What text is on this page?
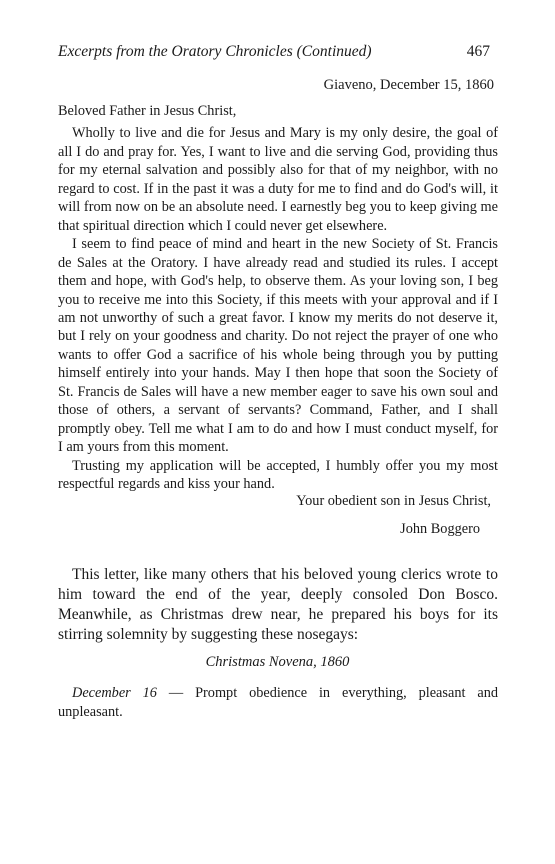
Excerpts from the Oratory Chronicles (Continued)	467
Giaveno, December 15, 1860

Beloved Father in Jesus Christ,

Wholly to live and die for Jesus and Mary is my only desire, the goal of all I do and pray for. Yes, I want to live and die serving God, providing thus for my eternal salvation and possibly also for that of my neighbor, with no regard to cost. If in the past it was a duty for me to find and do God's will, it will from now on be an absolute need. I earnestly beg you to keep giving me that spiritual direction which I could never get elsewhere.

I seem to find peace of mind and heart in the new Society of St. Francis de Sales at the Oratory. I have already read and studied its rules. I accept them and hope, with God's help, to observe them. As your loving son, I beg you to receive me into this Society, if this meets with your approval and if I am not unworthy of such a great favor. I know my merits do not deserve it, but I rely on your goodness and charity. Do not reject the prayer of one who wants to offer God a sacrifice of his whole being through you by putting himself entirely into your hands. May I then hope that soon the Society of St. Francis de Sales will have a new member eager to save his own soul and those of others, a servant of servants? Command, Father, and I shall promptly obey. Tell me what I am to do and how I must conduct myself, for I am yours from this moment.

Trusting my application will be accepted, I humbly offer you my most respectful regards and kiss your hand.

Your obedient son in Jesus Christ,
John Boggero

This letter, like many others that his beloved young clerics wrote to him toward the end of the year, deeply consoled Don Bosco. Meanwhile, as Christmas drew near, he prepared his boys for its stirring solemnity by suggesting these nosegays:

Christmas Novena, 1860

December 16 — Prompt obedience in everything, pleasant and unpleasant.
